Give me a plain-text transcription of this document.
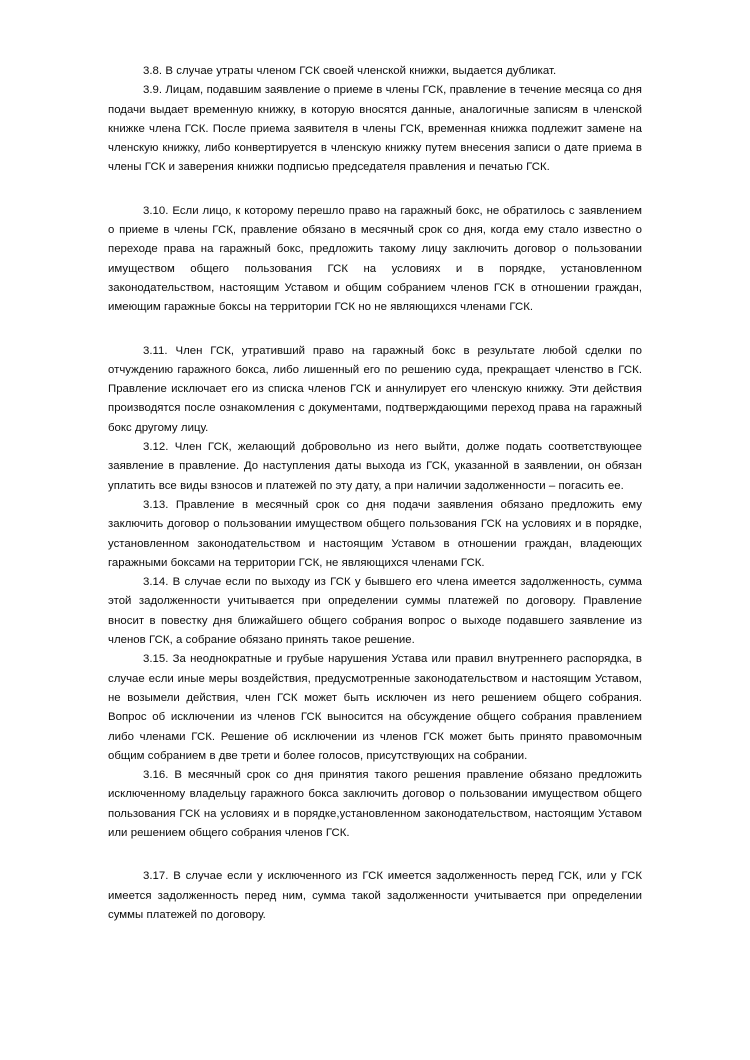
3.8. В случае утраты членом ГСК своей членской книжки, выдается дубликат.

3.9. Лицам, подавшим заявление о приеме в члены ГСК, правление в течение месяца со дня подачи выдает временную книжку, в которую вносятся данные, аналогичные записям в членской книжке члена ГСК. После приема заявителя в члены ГСК, временная книжка подлежит замене на членскую книжку, либо конвертируется в членскую книжку путем внесения записи о дате приема в члены ГСК и заверения книжки подписью председателя правления и печатью ГСК.

3.10. Если лицо, к которому перешло право на гаражный бокс, не обратилось с заявлением о приеме в члены ГСК, правление обязано в месячный срок со дня, когда ему стало известно о переходе права на гаражный бокс, предложить такому лицу заключить договор о пользовании имуществом общего пользования ГСК на условиях и в порядке, установленном законодательством, настоящим Уставом и общим собранием членов ГСК в отношении граждан, имеющим гаражные боксы на территории ГСК но не являющихся членами ГСК.

3.11. Член ГСК, утративший право на гаражный бокс в результате любой сделки по отчуждению гаражного бокса, либо лишенный его по решению суда, прекращает членство в ГСК. Правление исключает его из списка членов ГСК и аннулирует его членскую книжку. Эти действия производятся после ознакомления с документами, подтверждающими переход права на гаражный бокс другому лицу.

3.12. Член ГСК, желающий добровольно из него выйти, долже подать соответствующее заявление в правление. До наступления даты выхода из ГСК, указанной в заявлении, он обязан уплатить все виды взносов и платежей по эту дату, а при наличии задолженности – погасить ее.

3.13. Правление в месячный срок со дня подачи заявления обязано предложить ему заключить договор о пользовании имуществом общего пользования ГСК на условиях и в порядке, установленном законодательством и настоящим Уставом в отношении граждан, владеющих гаражными боксами на территории ГСК, не являющихся членами ГСК.

3.14. В случае если по выходу из ГСК у бывшего его члена имеется задолженность, сумма этой задолженности учитывается при определении суммы платежей по договору. Правление вносит в повестку дня ближайшего общего собрания вопрос о выходе подавшего заявление из членов ГСК, а собрание обязано принять такое решение.

3.15. За неоднократные и грубые нарушения Устава или правил внутреннего распорядка, в случае если иные меры воздействия, предусмотренные законодательством и настоящим Уставом, не возымели действия, член ГСК может быть исключен из него решением общего собрания. Вопрос об исключении из членов ГСК выносится на обсуждение общего собрания правлением либо членами ГСК. Решение об исключении из членов ГСК может быть принято правомочным общим собранием в две трети и более голосов, присутствующих на собрании.

3.16. В месячный срок со дня принятия такого решения правление обязано предложить исключенному владельцу гаражного бокса заключить договор о пользовании имуществом общего пользования ГСК на условиях и в порядке,установленном законодательством, настоящим Уставом или решением общего собрания членов ГСК.

3.17. В случае если у исключенного из ГСК имеется задолженность перед ГСК, или у ГСК имеется задолженность перед ним, сумма такой задолженности учитывается при определении суммы платежей по договору.
